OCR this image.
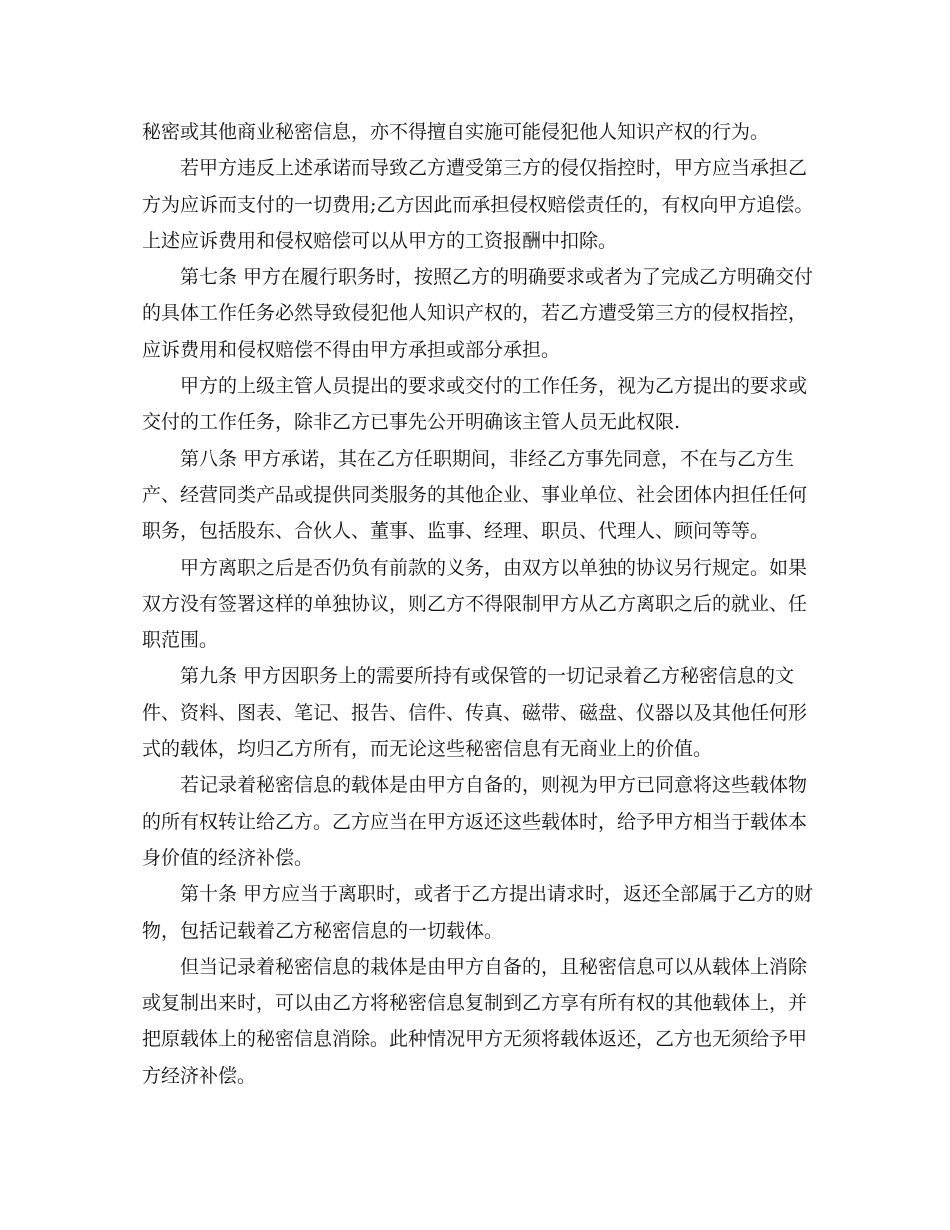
秘密或其他商业秘密信息，亦不得擅自实施可能侵犯他人知识产权的行为。
若甲方违反上述承诺而导致乙方遭受第三方的侵仅指控时，甲方应当承担乙
方为应诉而支付的一切费用;乙方因此而承担侵权赔偿责任的，有权向甲方追偿。
上述应诉费用和侵权赔偿可以从甲方的工资报酬中扣除。
第七条 甲方在履行职务时，按照乙方的明确要求或者为了完成乙方明确交付
的具体工作任务必然导致侵犯他人知识产权的，若乙方遭受第三方的侵权指控，
应诉费用和侵权赔偿不得由甲方承担或部分承担。
甲方的上级主管人员提出的要求或交付的工作任务，视为乙方提出的要求或
交付的工作任务，除非乙方已事先公开明确该主管人员无此权限.
第八条 甲方承诺，其在乙方任职期间，非经乙方事先同意，不在与乙方生
产、经营同类产品或提供同类服务的其他企业、事业单位、社会团体内担任任何
职务，包括股东、合伙人、董事、监事、经理、职员、代理人、顾问等等。
甲方离职之后是否仍负有前款的义务，由双方以单独的协议另行规定。如果
双方没有签署这样的单独协议，则乙方不得限制甲方从乙方离职之后的就业、任
职范围。
第九条 甲方因职务上的需要所持有或保管的一切记录着乙方秘密信息的文
件、资料、图表、笔记、报告、信件、传真、磁带、磁盘、仪器以及其他任何形
式的载体，均归乙方所有，而无论这些秘密信息有无商业上的价值。
若记录着秘密信息的载体是由甲方自备的，则视为甲方已同意将这些载体物
的所有权转让给乙方。乙方应当在甲方返还这些载体时，给予甲方相当于载体本
身价值的经济补偿。
第十条 甲方应当于离职时，或者于乙方提出请求时，返还全部属于乙方的财
物，包括记载着乙方秘密信息的一切载体。
但当记录着秘密信息的栽体是由甲方自备的，且秘密信息可以从载体上消除
或复制出来时，可以由乙方将秘密信息复制到乙方享有所有权的其他载体上，并
把原载体上的秘密信息消除。此种情况甲方无须将载体返还，乙方也无须给予甲
方经济补偿。
